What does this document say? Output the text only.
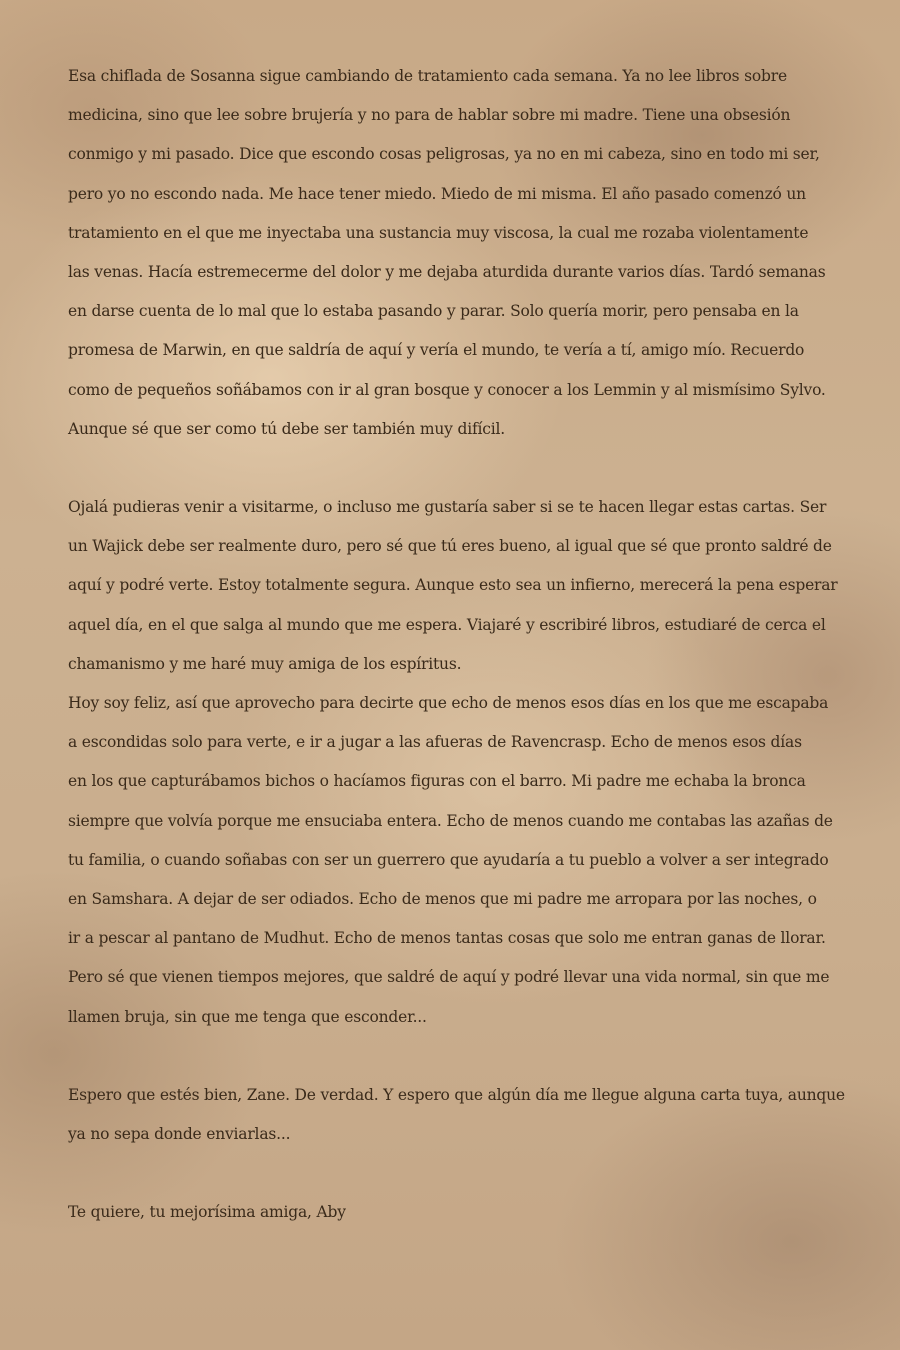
Esa chiflada de Sosanna sigue cambiando de tratamiento cada semana. Ya no lee libros sobre
medicina, sino que lee sobre brujería y no para de hablar sobre mi madre. Tiene una obsesión
conmigo y mi pasado. Dice que escondo cosas peligrosas, ya no en mi cabeza, sino en todo mi ser,
pero yo no escondo nada. Me hace tener miedo. Miedo de mi misma. El año pasado comenzó un
tratamiento en el que me inyectaba una sustancia muy viscosa, la cual me rozaba violentamente
las venas. Hacía estremecerme del dolor y me dejaba aturdida durante varios días. Tardó semanas
en darse cuenta de lo mal que lo estaba pasando y parar. Solo quería morir, pero pensaba en la
promesa de Marwin, en que saldría de aquí y vería el mundo, te vería a tí, amigo mío. Recuerdo
como de pequeños soñábamos con ir al gran bosque y conocer a los Lemmin y al mismísimo Sylvo.
Aunque sé que ser como tú debe ser también muy difícil.
Ojalá pudieras venir a visitarme, o incluso me gustaría saber si se te hacen llegar estas cartas. Ser
un Wajick debe ser realmente duro, pero sé que tú eres bueno, al igual que sé que pronto saldré de
aquí y podré verte. Estoy totalmente segura. Aunque esto sea un infierno, merecerá la pena esperar
aquel día, en el que salga al mundo que me espera. Viajaré y escribiré libros, estudiaré de cerca el
chamanismo y me haré muy amiga de los espíritus.
Hoy soy feliz, así que aprovecho para decirte que echo de menos esos días en los que me escapaba
a escondidas solo para verte, e ir a jugar a las afueras de Ravencrasp. Echo de menos esos días
en los que capturábamos bichos o hacíamos figuras con el barro. Mi padre me echaba la bronca
siempre que volvía porque me ensuciaba entera. Echo de menos cuando me contabas las azañas de
tu familia, o cuando soñabas con ser un guerrero que ayudaría a tu pueblo a volver a ser integrado
en Samshara. A dejar de ser odiados. Echo de menos que mi padre me arropara por las noches, o
ir a pescar al pantano de Mudhut. Echo de menos tantas cosas que solo me entran ganas de llorar.
Pero sé que vienen tiempos mejores, que saldré de aquí y podré llevar una vida normal, sin que me
llamen bruja, sin que me tenga que esconder...
Espero que estés bien, Zane. De verdad. Y espero que algún día me llegue alguna carta tuya, aunque
ya no sepa donde enviarlas...
Te quiere, tu mejorísima amiga, Aby
